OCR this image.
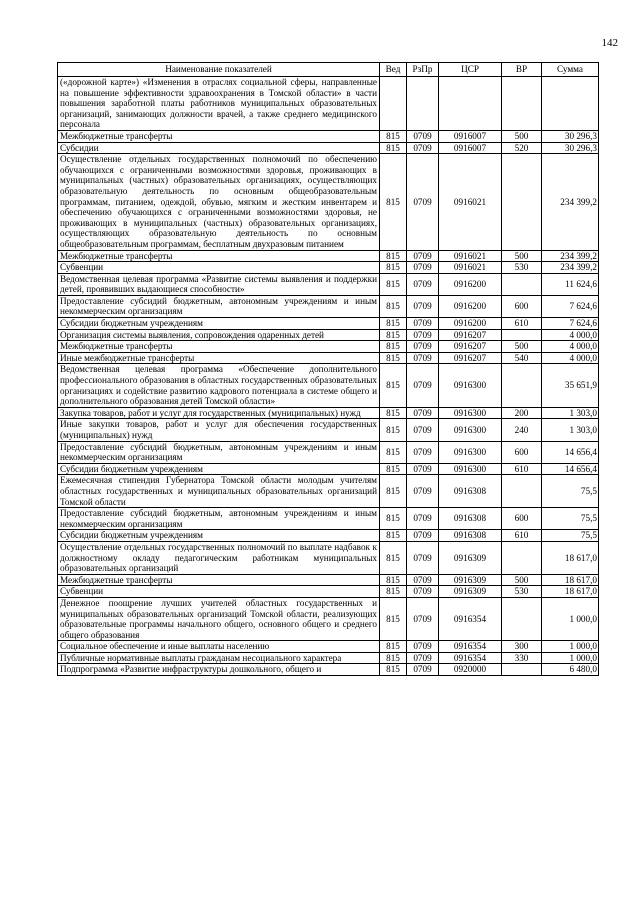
142
Наименование показателей	Вед	РзПр	ЦСР	ВР	Сумма
(«дорожной карте») «Изменения в отраслях социальной сферы, направленные на повышение эффективности здравоохранения в Томской области» в части повышения заработной платы работников муниципальных образовательных организаций, занимающих должности врачей, а также среднего медицинского персонала					
Межбюджетные трансферты	815	0709	0916007	500	30 296,3
Субсидии	815	0709	0916007	520	30 296,3
Осуществление отдельных государственных полномочий по обеспечению обучающихся с ограниченными возможностями здоровья, проживающих в муниципальных (частных) образовательных организациях, осуществляющих образовательную деятельность по основным общеобразовательным программам, питанием, одеждой, обувью, мягким и жестким инвентарем и обеспечению обучающихся с ограниченными возможностями здоровья, не проживающих в муниципальных (частных) образовательных организациях, осуществляющих образовательную деятельность по основным общеобразовательным программам, бесплатным двухразовым питанием	815	0709	0916021		234 399,2
Межбюджетные трансферты	815	0709	0916021	500	234 399,2
Субвенции	815	0709	0916021	530	234 399,2
Ведомственная целевая программа «Развитие системы выявления и поддержки детей, проявивших выдающиеся способности»	815	0709	0916200		11 624,6
Предоставление субсидий бюджетным, автономным учреждениям и иным некоммерческим организациям	815	0709	0916200	600	7 624,6
Субсидии бюджетным учреждениям	815	0709	0916200	610	7 624,6
Организация системы выявления, сопровождения одаренных детей	815	0709	0916207		4 000,0
Межбюджетные трансферты	815	0709	0916207	500	4 000,0
Иные межбюджетные трансферты	815	0709	0916207	540	4 000,0
Ведомственная целевая программа «Обеспечение дополнительного профессионального образования в областных государственных образовательных организациях и содействие развитию кадрового потенциала в системе общего и дополнительного образования детей Томской области»	815	0709	0916300		35 651,9
Закупка товаров, работ и услуг для государственных (муниципальных) нужд	815	0709	0916300	200	1 303,0
Иные закупки товаров, работ и услуг для обеспечения государственных (муниципальных) нужд	815	0709	0916300	240	1 303,0
Предоставление субсидий бюджетным, автономным учреждениям и иным некоммерческим организациям	815	0709	0916300	600	14 656,4
Субсидии бюджетным учреждениям	815	0709	0916300	610	14 656,4
Ежемесячная стипендия Губернатора Томской области молодым учителям областных государственных и муниципальных образовательных организаций Томской области	815	0709	0916308		75,5
Предоставление субсидий бюджетным, автономным учреждениям и иным некоммерческим организациям	815	0709	0916308	600	75,5
Субсидии бюджетным учреждениям	815	0709	0916308	610	75,5
Осуществление отдельных государственных полномочий по выплате надбавок к должностному окладу педагогическим работникам муниципальных образовательных организаций	815	0709	0916309		18 617,0
Межбюджетные трансферты	815	0709	0916309	500	18 617,0
Субвенции	815	0709	0916309	530	18 617,0
Денежное поощрение лучших учителей областных государственных и муниципальных образовательных организаций Томской области, реализующих образовательные программы начального общего, основного общего и среднего общего образования	815	0709	0916354		1 000,0
Социальное обеспечение и иные выплаты населению	815	0709	0916354	300	1 000,0
Публичные нормативные выплаты гражданам несоциального характера	815	0709	0916354	330	1 000,0
Подпрограмма «Развитие инфраструктуры дошкольного, общего и	815	0709	0920000		6 480,0
